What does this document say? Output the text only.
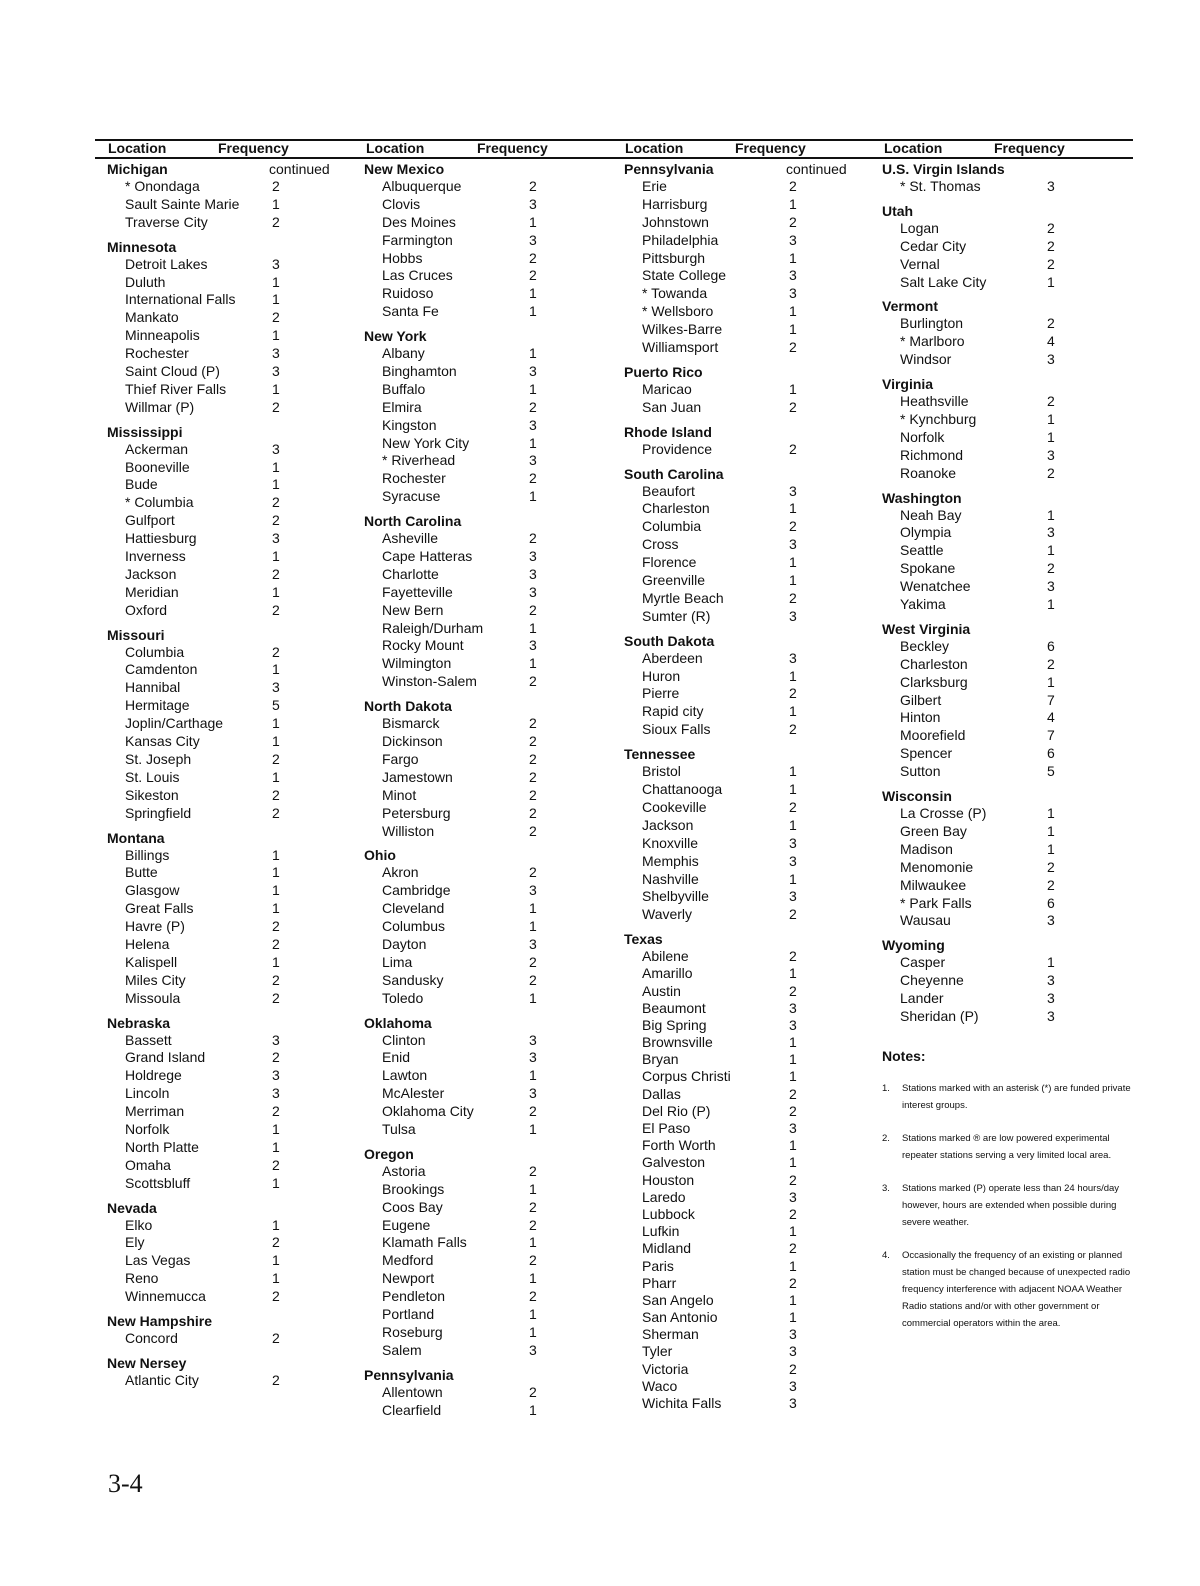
Location	Frequency	Location	Frequency	Location	Frequency	Location	Frequency
Michigan	continued
* Onondaga	2
Sault Sainte Marie 1
Traverse City	2
Minnesota
Detroit Lakes	3
Duluth	1
International Falls	1
Mankato	2
Minneapolis	1
Rochester	3
Saint Cloud (P)	3
Thief River Falls	1
Willmar (P)	2
Mississippi
Ackerman	3
Booneville	1
Bude	1
* Columbia	2
Gulfport	2
Hattiesburg	3
Inverness	1
Jackson	2
Meridian	1
Oxford	2
Missouri
Columbia	2
Camdenton	1
Hannibal	3
Hermitage	5
Joplin/Carthage	1
Kansas City	1
St. Joseph	2
St. Louis	1
Sikeston	2
Springfield	2
Montana
Billings	1
Butte	1
Glasgow	1
Great Falls	1
Havre (P)	2
Helena	2
Kalispell	1
Miles City	2
Missoula	2
Nebraska
Bassett	3
Grand Island	2
Holdrege	3
Lincoln	3
Merriman	2
Norfolk	1
North Platte	1
Omaha	2
Scottsbluff	1
Nevada
Elko	1
Ely	2
Las Vegas	1
Reno	1
Winnemucca	2
New Hampshire
Concord	2
New Nersey
Atlantic City	2
New Mexico
Albuquerque	2
Clovis	3
Des Moines	1
Farmington	3
Hobbs	2
Las Cruces	2
Ruidoso	1
Santa Fe	1
New York
Albany	1
Binghamton	3
Buffalo	1
Elmira	2
Kingston	3
New York City	1
* Riverhead	3
Rochester	2
Syracuse	1
North Carolina
Asheville	2
Cape Hatteras	3
Charlotte	3
Fayetteville	3
New Bern	2
Raleigh/Durham	1
Rocky Mount	3
Wilmington	1
Winston-Salem	2
North Dakota
Bismarck	2
Dickinson	2
Fargo	2
Jamestown	2
Minot	2
Petersburg	2
Williston	2
Ohio
Akron	2
Cambridge	3
Cleveland	1
Columbus	1
Dayton	3
Lima	2
Sandusky	2
Toledo	1
Oklahoma
Clinton	3
Enid	3
Lawton	1
McAlester	3
Oklahoma City	2
Tulsa	1
Oregon
Astoria	2
Brookings	1
Coos Bay	2
Eugene	2
Klamath Falls	1
Medford	2
Newport	1
Pendleton	2
Portland	1
Roseburg	1
Salem	3
Pennsylvania
Allentown	2
Clearfield	1
Pennsylvania	continued
Erie	2
Harrisburg	1
Johnstown	2
Philadelphia	3
Pittsburgh	1
State College	3
* Towanda	3
* Wellsboro	1
Wilkes-Barre	1
Williamsport	2
Puerto Rico
Maricao	1
San Juan	2
Rhode Island
Providence	2
South Carolina
Beaufort	3
Charleston	1
Columbia	2
Cross	3
Florence	1
Greenville	1
Myrtle Beach	2
Sumter (R)	3
South Dakota
Aberdeen	3
Huron	1
Pierre	2
Rapid city	1
Sioux Falls	2
Tennessee
Bristol	1
Chattanooga	1
Cookeville	2
Jackson	1
Knoxville	3
Memphis	3
Nashville	1
Shelbyville	3
Waverly	2
Texas
Abilene	2
Amarillo	1
Austin	2
Beaumont	3
Big Spring	3
Brownsville	1
Bryan	1
Corpus Christi	1
Dallas	2
Del Rio (P)	2
El Paso	3
Forth Worth	1
Galveston	1
Houston	2
Laredo	3
Lubbock	2
Lufkin	1
Midland	2
Paris	1
Pharr	2
San Angelo	1
San Antonio	1
Sherman	3
Tyler	3
Victoria	2
Waco	3
Wichita Falls	3
U.S. Virgin Islands
* St. Thomas	3
Utah
Logan	2
Cedar City	2
Vernal	2
Salt Lake City	1
Vermont
Burlington	2
* Marlboro	4
Windsor	3
Virginia
Heathsville	2
* Kynchburg	1
Norfolk	1
Richmond	3
Roanoke	2
Washington
Neah Bay	1
Olympia	3
Seattle	1
Spokane	2
Wenatchee	3
Yakima	1
West Virginia
Beckley	6
Charleston	2
Clarksburg	1
Gilbert	7
Hinton	4
Moorefield	7
Spencer	6
Sutton	5
Wisconsin
La Crosse (P)	1
Green Bay	1
Madison	1
Menomonie	2
Milwaukee	2
* Park Falls	6
Wausau	3
Wyoming
Casper	1
Cheyenne	3
Lander	3
Sheridan (P)	3
Notes:
1. Stations marked with an asterisk (*) are funded private interest groups.
2. Stations marked ® are low powered experimental repeater stations serving a very limited local area.
3. Stations marked (P) operate less than 24 hours/day however, hours are extended when possible during severe weather.
4. Occasionally the frequency of an existing or planned station must be changed because of unexpected radio frequency interference with adjacent NOAA Weather Radio stations and/or with other government or commercial operators within the area.
3-4
